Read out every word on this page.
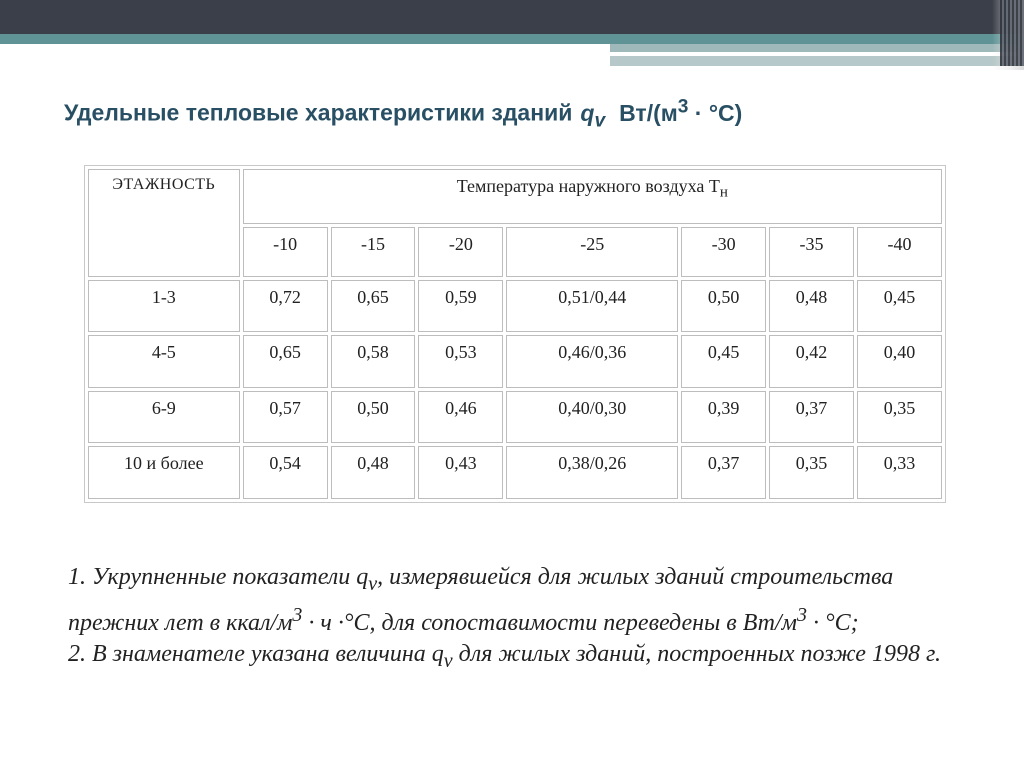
Удельные тепловые характеристики зданий $q_v$ $Вт/(м^3 \cdot ^\circ С)$
ЭТАЖНОСТЬ	Температура наружного воздуха $Т_н$
	-10	-15	-20	-25	-30	-35	-40
1-3	0,72	0,65	0,59	0,51/0,44	0,50	0,48	0,45
4-5	0,65	0,58	0,53	0,46/0,36	0,45	0,42	0,40
6-9	0,57	0,50	0,46	0,40/0,30	0,39	0,37	0,35
10 и более	0,54	0,48	0,43	0,38/0,26	0,37	0,35	0,33

1. Укрупненные показатели $q_v$, измерявшейся для жилых зданий строительства прежних лет в ккал/$м^3 \cdot ч \cdot^\circ С$, для сопоставимости переведены в $Вт/м^3 \cdot ^\circ С$;

2. В знаменателе указана величина $q_v$ для жилых зданий, построенных позже 1998 г.
